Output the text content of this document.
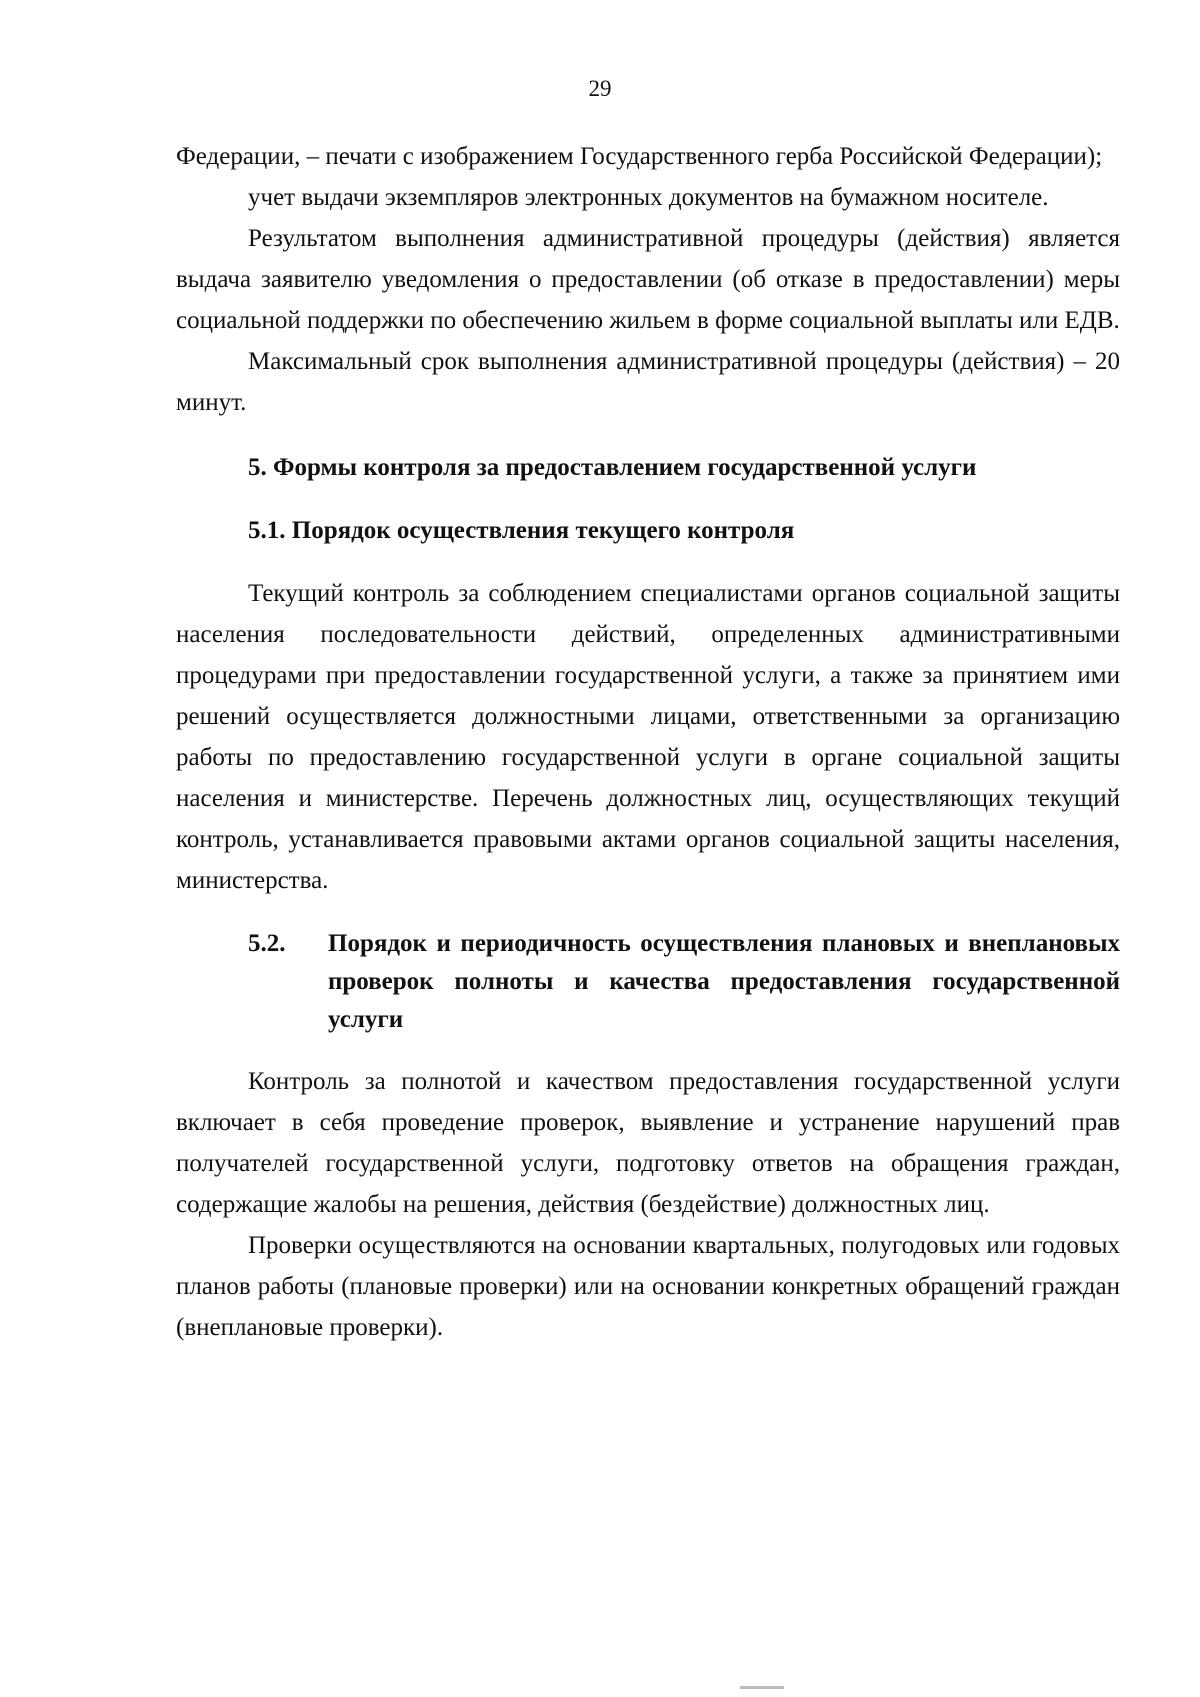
29

Федерации, – печати с изображением Государственного герба Российской Федерации);

учет выдачи экземпляров электронных документов на бумажном носителе.

Результатом выполнения административной процедуры (действия) является выдача заявителю уведомления о предоставлении (об отказе в предоставлении) меры социальной поддержки по обеспечению жильем в форме социальной выплаты или ЕДВ.

Максимальный срок выполнения административной процедуры (действия) – 20 минут.

5. Формы контроля за предоставлением государственной услуги

5.1. Порядок осуществления текущего контроля

Текущий контроль за соблюдением специалистами органов социальной защиты населения последовательности действий, определенных административными процедурами при предоставлении государственной услуги, а также за принятием ими решений осуществляется должностными лицами, ответственными за организацию работы по предоставлению государственной услуги в органе социальной защиты населения и министерстве. Перечень должностных лиц, осуществляющих текущий контроль, устанавливается правовыми актами органов социальной защиты населения, министерства.

5.2.	Порядок и периодичность осуществления плановых и внеплановых проверок полноты и качества предоставления государственной услуги

Контроль за полнотой и качеством предоставления государственной услуги включает в себя проведение проверок, выявление и устранение нарушений прав получателей государственной услуги, подготовку ответов на обращения граждан, содержащие жалобы на решения, действия (бездействие) должностных лиц.

Проверки осуществляются на основании квартальных, полугодовых или годовых планов работы (плановые проверки) или на основании конкретных обращений граждан (внеплановые проверки).
